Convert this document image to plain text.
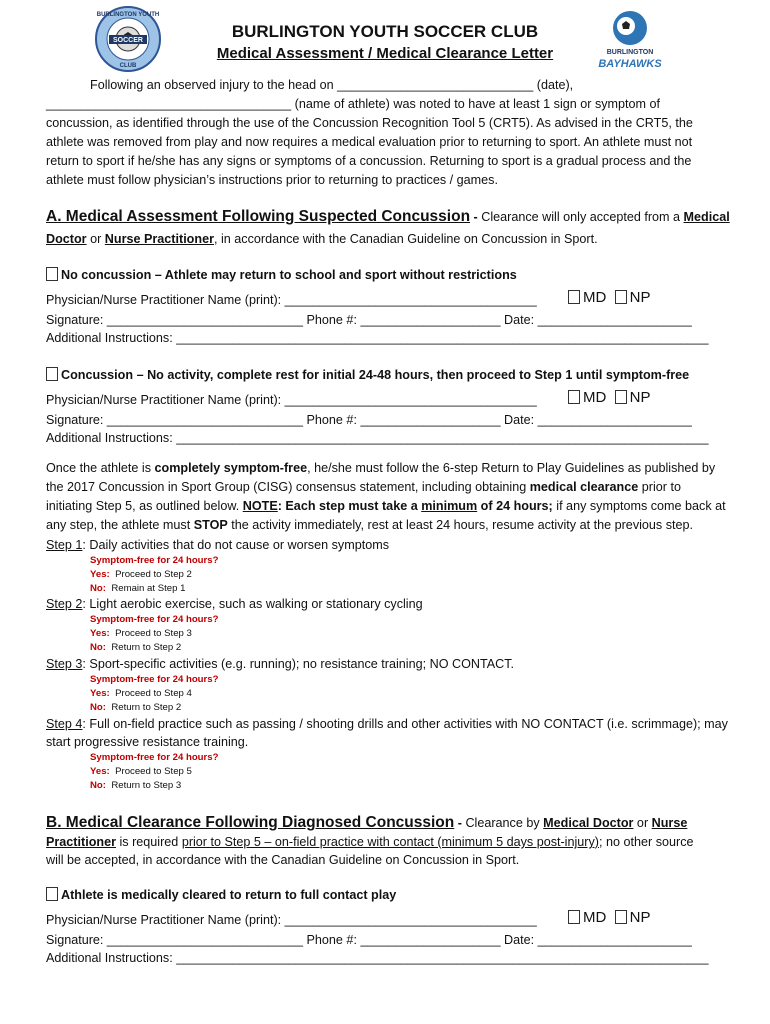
BURLINGTON YOUTH
SOCCER
CLUB
BURLINGTON YOUTH SOCCER CLUB
Medical Assessment / Medical Clearance Letter	BURLINGTON
BAYHAWKS
Following an observed injury to the head on ____________________________ (date),
___________________________________ (name of athlete) was noted to have at least 1 sign or symptom of
concussion, as identified through the use of the Concussion Recognition Tool 5 (CRT5). As advised in the CRT5, the
athlete was removed from play and now requires a medical evaluation prior to returning to sport. An athlete must not
return to sport if he/she has any signs or symptoms of a concussion. Returning to sport is a gradual process and the
athlete must follow physician’s instructions prior to returning to practices / games.
A. Medical Assessment Following Suspected Concussion - Clearance will only accepted from a Medical
Doctor or Nurse Practitioner, in accordance with the Canadian Guideline on Concussion in Sport.
No concussion – Athlete may return to school and sport without restrictions
Physician/Nurse Practitioner Name (print): ____________________________________	MD NP
Signature: ____________________________ Phone #: ____________________ Date: ______________________
Additional Instructions: ____________________________________________________________________________
Concussion – No activity, complete rest for initial 24-48 hours, then proceed to Step 1 until symptom-free
Physician/Nurse Practitioner Name (print): ____________________________________	MD NP
Signature: ____________________________ Phone #: ____________________ Date: ______________________
Additional Instructions: ____________________________________________________________________________
Once the athlete is completely symptom-free, he/she must follow the 6-step Return to Play Guidelines as published by
the 2017 Concussion in Sport Group (CISG) consensus statement, including obtaining medical clearance prior to
initiating Step 5, as outlined below. NOTE: Each step must take a minimum of 24 hours; if any symptoms come back at
any step, the athlete must STOP the activity immediately, rest at least 24 hours, resume activity at the previous step.
Step 1: Daily activities that do not cause or worsen symptoms
Symptom-free for 24 hours?
Yes: Proceed to Step 2
No: Remain at Step 1
Step 2: Light aerobic exercise, such as walking or stationary cycling
Symptom-free for 24 hours?
Yes: Proceed to Step 3
No: Return to Step 2
Step 3: Sport-specific activities (e.g. running); no resistance training; NO CONTACT.
Symptom-free for 24 hours?
Yes: Proceed to Step 4
No: Return to Step 2
Step 4: Full on-field practice such as passing / shooting drills and other activities with NO CONTACT (i.e. scrimmage); may
start progressive resistance training.
Symptom-free for 24 hours?
Yes: Proceed to Step 5
No: Return to Step 3
B. Medical Clearance Following Diagnosed Concussion - Clearance by Medical Doctor or Nurse
Practitioner is required prior to Step 5 – on-field practice with contact (minimum 5 days post-injury); no other source
will be accepted, in accordance with the Canadian Guideline on Concussion in Sport.
Athlete is medically cleared to return to full contact play
Physician/Nurse Practitioner Name (print): ____________________________________	MD NP
Signature: ____________________________ Phone #: ____________________ Date: ______________________
Additional Instructions: ____________________________________________________________________________
